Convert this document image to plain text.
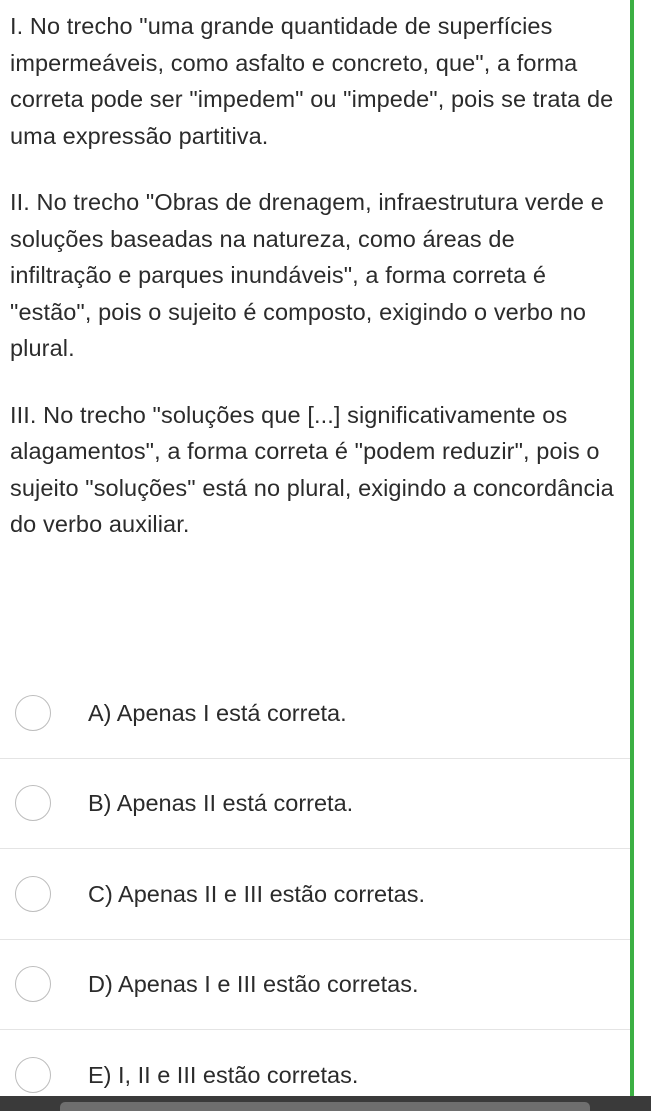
I. No trecho "uma grande quantidade de superfícies impermeáveis, como asfalto e concreto, que", a forma correta pode ser "impedem" ou "impede", pois se trata de uma expressão partitiva.

II. No trecho "Obras de drenagem, infraestrutura verde e soluções baseadas na natureza, como áreas de infiltração e parques inundáveis", a forma correta é "estão", pois o sujeito é composto, exigindo o verbo no plural.

III. No trecho "soluções que [...] significativamente os alagamentos", a forma correta é "podem reduzir", pois o sujeito "soluções" está no plural, exigindo a concordância do verbo auxiliar.

A) Apenas I está correta.
B) Apenas II está correta.
C) Apenas II e III estão corretas.
D) Apenas I e III estão corretas.
E) I, II e III estão corretas.
